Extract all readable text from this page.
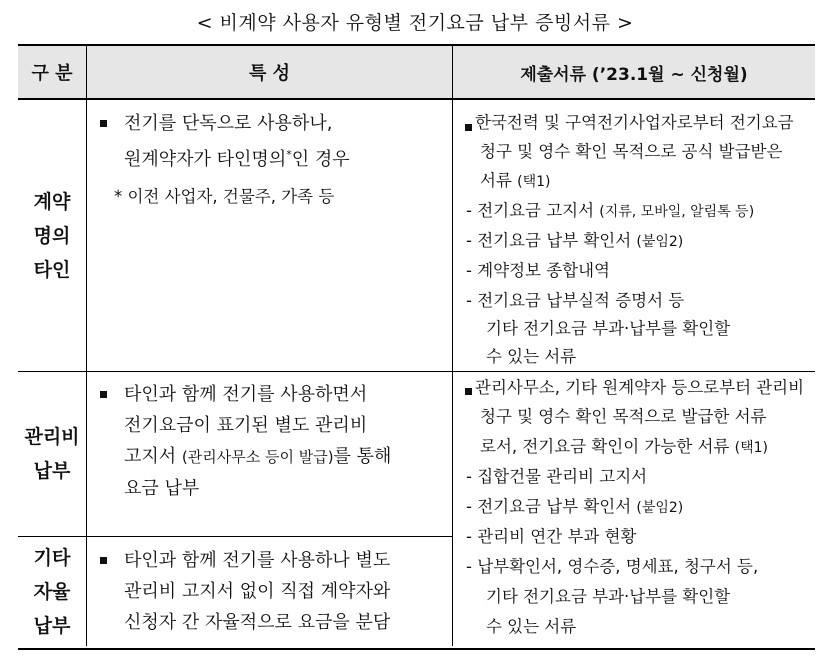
< 비계약 사용자 유형별 전기요금 납부 증빙서류 >
구 분	특 성	제출서류 (’23.1월 ~ 신청월)
계약
명의
타인
전기를 단독으로 사용하나,
원계약자가 타인명의*인 경우
* 이전 사업자, 건물주, 가족 등
한국전력 및 구역전기사업자로부터 전기요금
청구 및 영수 확인 목적으로 공식 발급받은
서류 (택1)
- 전기요금 고지서 (지류, 모바일, 알림톡 등)
- 전기요금 납부 확인서 (붙임2)
- 계약정보 종합내역
- 전기요금 납부실적 증명서 등
기타 전기요금 부과·납부를 확인할
수 있는 서류
관리비
납부
타인과 함께 전기를 사용하면서
전기요금이 표기된 별도 관리비
고지서 (관리사무소 등이 발급)를 통해
요금 납부
기타
자율
납부
타인과 함께 전기를 사용하나 별도
관리비 고지서 없이 직접 계약자와
신청자 간 자율적으로 요금을 분담
관리사무소, 기타 원계약자 등으로부터 관리비
청구 및 영수 확인 목적으로 발급한 서류
로서, 전기요금 확인이 가능한 서류 (택1)
- 집합건물 관리비 고지서
- 전기요금 납부 확인서 (붙임2)
- 관리비 연간 부과 현황
- 납부확인서, 영수증, 명세표, 청구서 등,
기타 전기요금 부과·납부를 확인할
수 있는 서류
